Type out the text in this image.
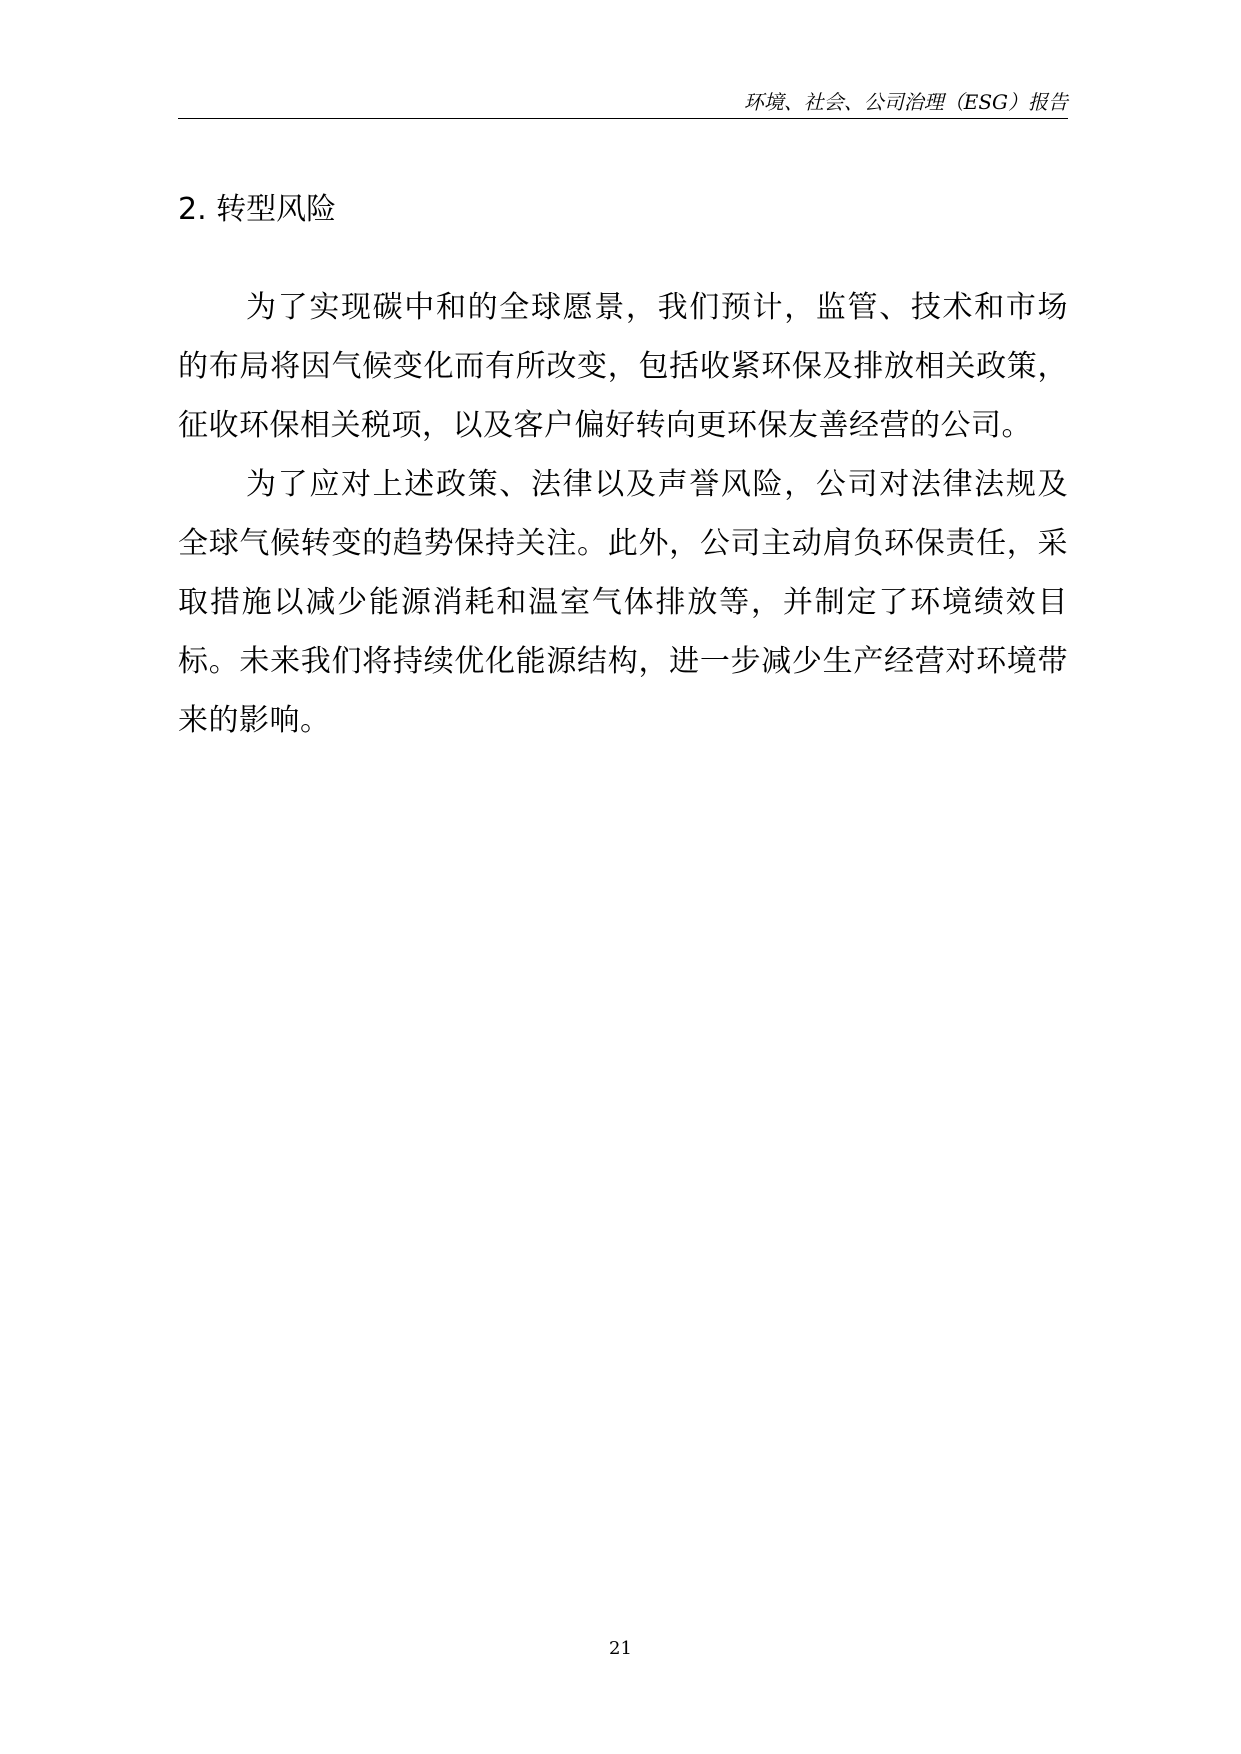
环境、社会、公司治理（ESG）报告
2. 转型风险

为了实现碳中和的全球愿景，我们预计，监管、技术和市场的布局将因气候变化而有所改变，包括收紧环保及排放相关政策，征收环保相关税项，以及客户偏好转向更环保友善经营的公司。

为了应对上述政策、法律以及声誉风险，公司对法律法规及全球气候转变的趋势保持关注。此外，公司主动肩负环保责任，采取措施以减少能源消耗和温室气体排放等，并制定了环境绩效目标。未来我们将持续优化能源结构，进一步减少生产经营对环境带来的影响。

21
